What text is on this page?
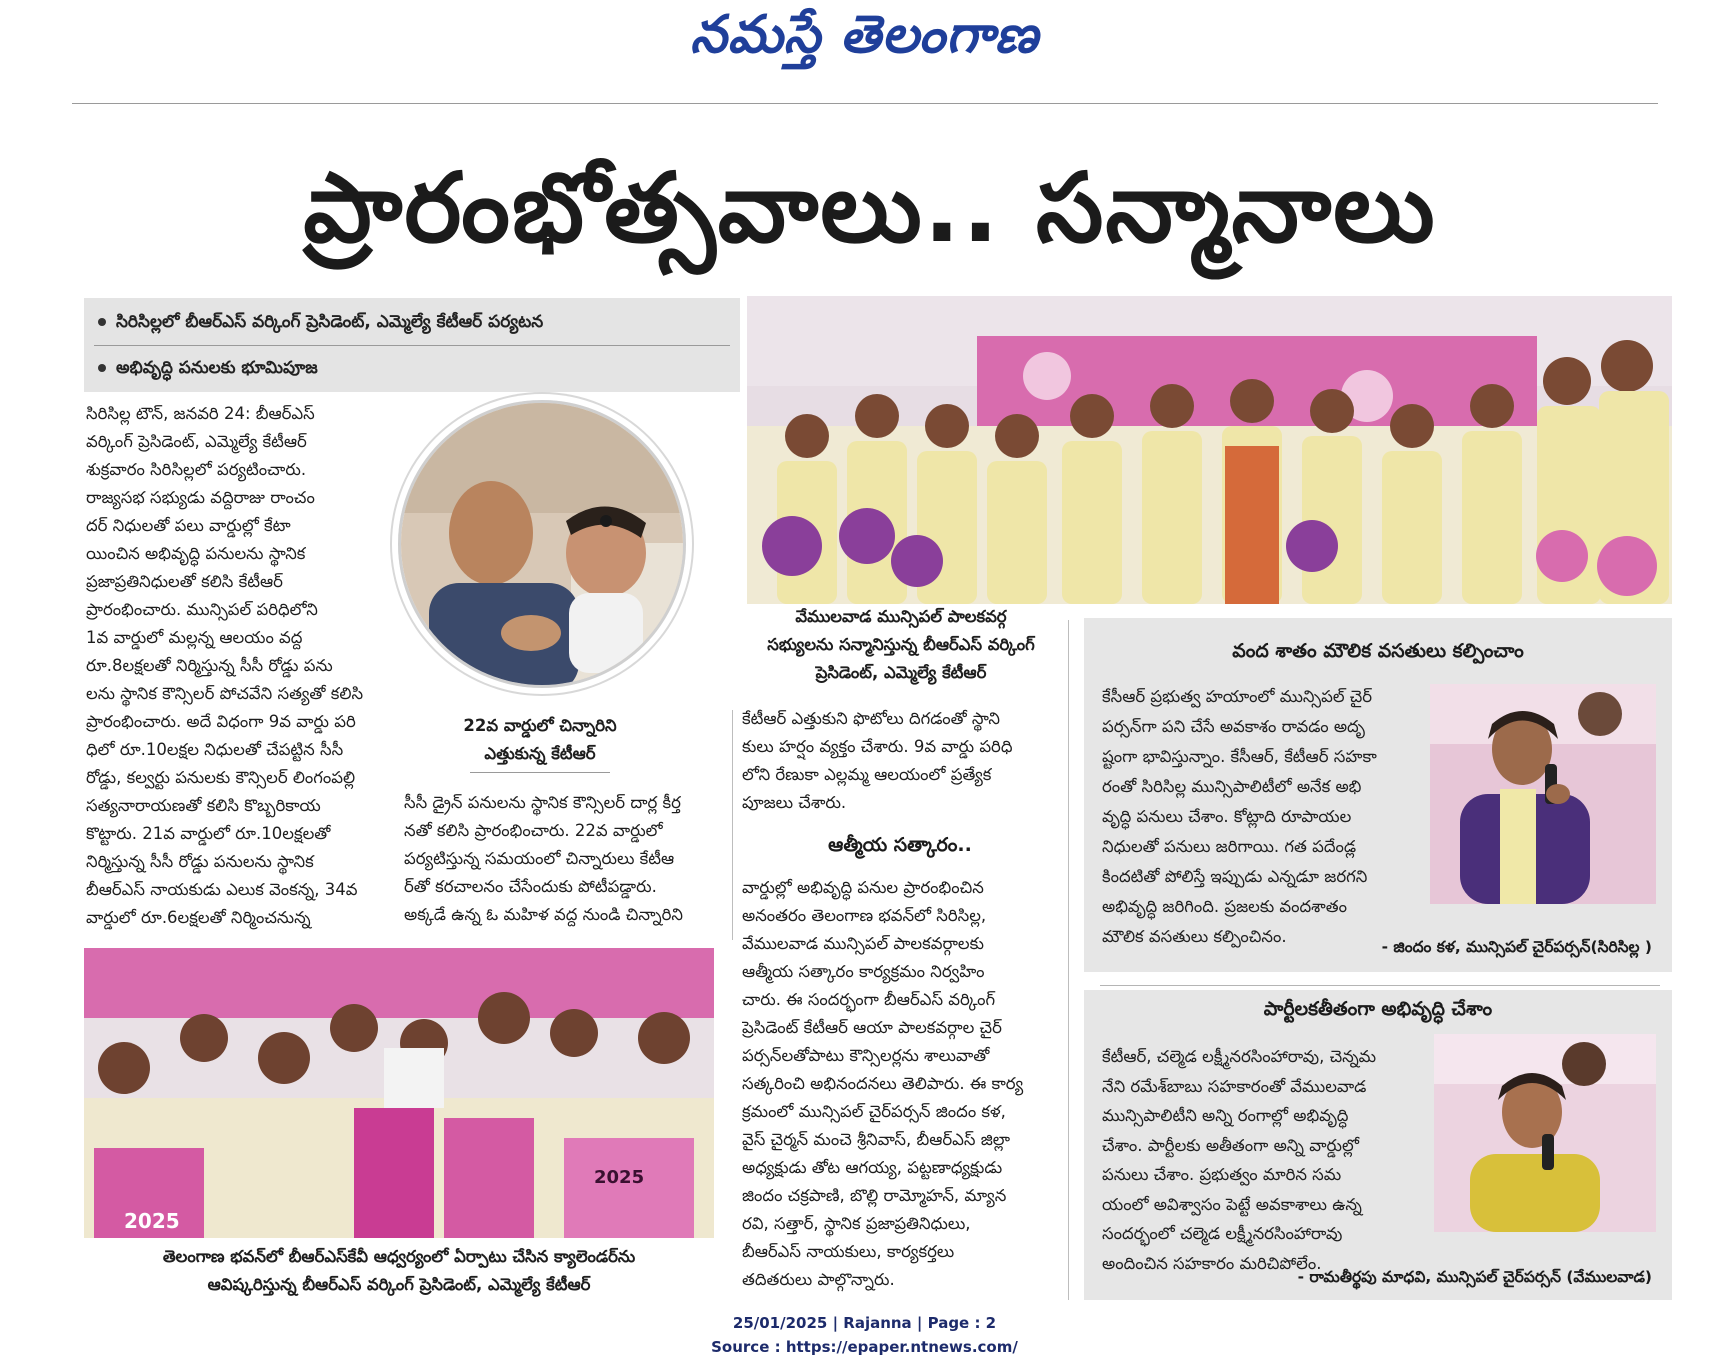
నమస్తే తెలంగాణ
ప్రారంభోత్సవాలు.. సన్మానాలు
సిరిసిల్లలో బీఆర్ఎస్ వర్కింగ్ ప్రెసిడెంట్, ఎమ్మెల్యే కేటీఆర్ పర్యటన
అభివృద్ధి పనులకు భూమిపూజ
సిరిసిల్ల టౌన్, జనవరి 24: బీఆర్ఎస్
వర్కింగ్ ప్రెసిడెంట్, ఎమ్మెల్యే కేటీఆర్
శుక్రవారం సిరిసిల్లలో పర్యటించారు.
రాజ్యసభ సభ్యుడు వద్దిరాజు రాంచం
దర్ నిధులతో పలు వార్డుల్లో కేటా
యించిన అభివృద్ధి పనులను స్థానిక
ప్రజాప్రతినిధులతో కలిసి కేటీఆర్
ప్రారంభించారు. మున్సిపల్ పరిధిలోని
1వ వార్డులో మల్లన్న ఆలయం వద్ద
రూ.8లక్షలతో నిర్మిస్తున్న సీసీ రోడ్డు పను
లను స్థానిక కౌన్సిలర్ పోచవేని సత్యతో కలిసి
ప్రారంభించారు. అదే విధంగా 9వ వార్డు పరి
ధిలో రూ.10లక్షల నిధులతో చేపట్టిన సీసీ
రోడ్డు, కల్వర్టు పనులకు కౌన్సిలర్ లింగంపల్లి
సత్యనారాయణతో కలిసి కొబ్బరికాయ
కొట్టారు. 21వ వార్డులో రూ.10లక్షలతో
నిర్మిస్తున్న సీసీ రోడ్డు పనులను స్థానిక
బీఆర్ఎస్ నాయకుడు ఎలుక వెంకన్న, 34వ
వార్డులో రూ.6లక్షలతో నిర్మించనున్న
22వ వార్డులో చిన్నారిని
ఎత్తుకున్న కేటీఆర్
సీసీ డ్రైన్ పనులను స్థానిక కౌన్సిలర్ దార్ల కీర్త
నతో కలిసి ప్రారంభించారు. 22వ వార్డులో
పర్యటిస్తున్న సమయంలో చిన్నారులు కేటీఆ
ర్‌తో కరచాలనం చేసేందుకు పోటీపడ్డారు.
అక్కడే ఉన్న ఓ మహిళ వద్ద నుండి చిన్నారిని
వేములవాడ మున్సిపల్ పాలకవర్గ
సభ్యులను సన్మానిస్తున్న బీఆర్ఎస్ వర్కింగ్
ప్రెసిడెంట్, ఎమ్మెల్యే కేటీఆర్
కేటీఆర్ ఎత్తుకుని ఫొటోలు దిగడంతో స్థాని
కులు హర్షం వ్యక్తం చేశారు. 9వ వార్డు పరిధి
లోని రేణుకా ఎల్లమ్మ ఆలయంలో ప్రత్యేక
పూజలు చేశారు.
ఆత్మీయ సత్కారం..
వార్డుల్లో అభివృద్ధి పనుల ప్రారంభించిన
అనంతరం తెలంగాణ భవన్‌లో సిరిసిల్ల,
వేములవాడ మున్సిపల్ పాలకవర్గాలకు
ఆత్మీయ సత్కారం కార్యక్రమం నిర్వహిం
చారు. ఈ సందర్భంగా బీఆర్ఎస్ వర్కింగ్
ప్రెసిడెంట్ కేటీఆర్ ఆయా పాలకవర్గాల చైర్
పర్సన్‌లతోపాటు కౌన్సిలర్లను శాలువాతో
సత్కరించి అభినందనలు తెలిపారు. ఈ కార్య
క్రమంలో మున్సిపల్ చైర్‌పర్సన్ జిందం కళ,
వైస్ చైర్మన్ మంచె శ్రీనివాస్, బీఆర్ఎస్ జిల్లా
అధ్యక్షుడు తోట ఆగయ్య, పట్టణాధ్యక్షుడు
జిందం చక్రపాణి, బొల్లి రామ్మోహన్, మ్యాన
రవి, సత్తార్, స్థానిక ప్రజాప్రతినిధులు,
బీఆర్ఎస్ నాయకులు, కార్యకర్తలు
తదితరులు పాల్గొన్నారు.
2025
2025
తెలంగాణ భవన్‌లో బీఆర్ఎస్‌కేవీ ఆధ్వర్యంలో ఏర్పాటు చేసిన క్యాలెండర్‌ను
ఆవిష్కరిస్తున్న బీఆర్ఎస్ వర్కింగ్ ప్రెసిడెంట్, ఎమ్మెల్యే కేటీఆర్
వంద శాతం మౌలిక వసతులు కల్పించాం
కేసీఆర్ ప్రభుత్వ హయాంలో మున్సిపల్ చైర్
పర్సన్‌గా పని చేసే అవకాశం రావడం అదృ
ష్టంగా భావిస్తున్నాం. కేసీఆర్, కేటీఆర్ సహకా
రంతో సిరిసిల్ల మున్సిపాలిటీలో అనేక అభి
వృద్ధి పనులు చేశాం. కోట్లాది రూపాయల
నిధులతో పనులు జరిగాయి. గత పదేండ్ల
కిందటితో పోలిస్తే ఇప్పుడు ఎన్నడూ జరగని
అభివృద్ధి జరిగింది. ప్రజలకు వందశాతం
మౌలిక వసతులు కల్పించినం.
- జిందం కళ, మున్సిపల్ చైర్‌పర్సన్(సిరిసిల్ల )
పార్టీలకతీతంగా అభివృద్ధి చేశాం
కేటీఆర్, చల్మెడ లక్ష్మీనరసింహారావు, చెన్నమ
నేని రమేశ్‌బాబు సహకారంతో వేములవాడ
మున్సిపాలిటీని అన్ని రంగాల్లో అభివృద్ధి
చేశాం. పార్టీలకు అతీతంగా అన్ని వార్డుల్లో
పనులు చేశాం. ప్రభుత్వం మారిన సమ
యంలో అవిశ్వాసం పెట్టే అవకాశాలు ఉన్న
సందర్భంలో చల్మెడ లక్ష్మీనరసింహారావు
అందించిన సహకారం మరిచిపోలేం.
- రామతీర్థపు మాధవి, మున్సిపల్ చైర్‌పర్సన్ (వేములవాడ)
25/01/2025 | Rajanna | Page : 2
Source : https://epaper.ntnews.com/
